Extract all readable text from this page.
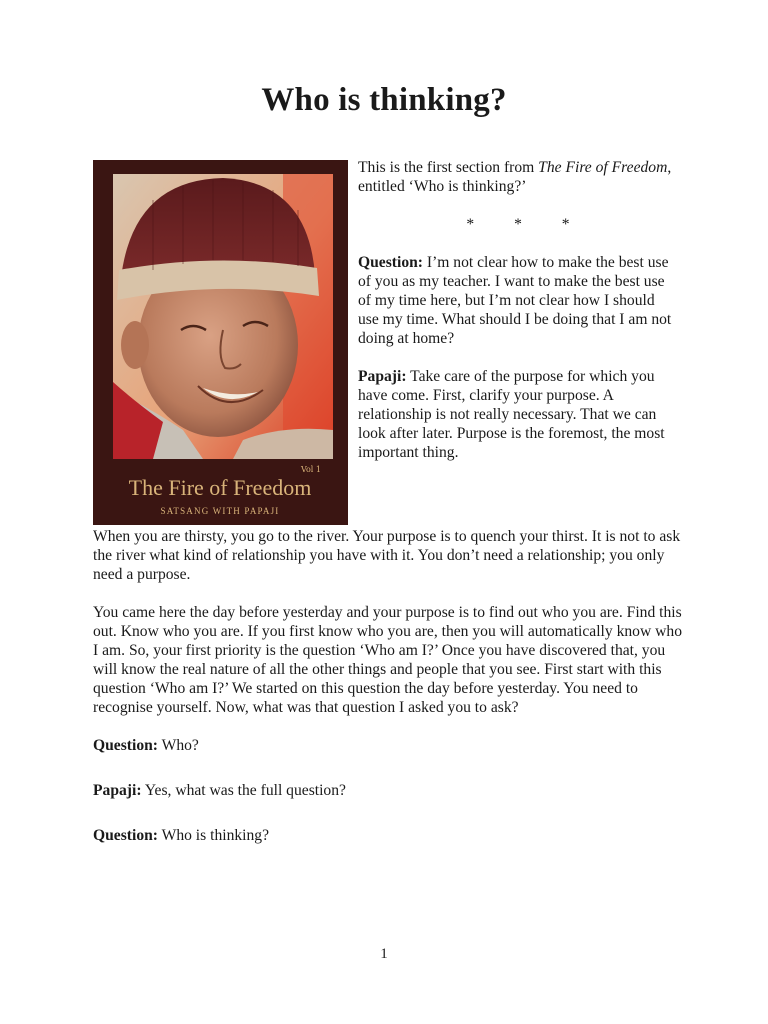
Who is thinking?
Vol 1
The Fire of Freedom
SATSANG WITH PAPAJI

This is the first section from The Fire of Freedom, entitled ‘Who is thinking?’

* * *

Question: I’m not clear how to make the best use of you as my teacher. I want to make the best use of my time here, but I’m not clear how I should use my time. What should I be doing that I am not doing at home?

Papaji: Take care of the purpose for which you have come. First, clarify your purpose. A relationship is not really necessary. That we can look after later. Purpose is the foremost, the most important thing.

When you are thirsty, you go to the river. Your purpose is to quench your thirst. It is not to ask the river what kind of relationship you have with it. You don’t need a relationship; you only need a purpose.

You came here the day before yesterday and your purpose is to find out who you are. Find this out. Know who you are. If you first know who you are, then you will automatically know who I am. So, your first priority is the question ‘Who am I?’ Once you have discovered that, you will know the real nature of all the other things and people that you see. First start with this question ‘Who am I?’ We started on this question the day before yesterday. You need to recognise yourself. Now, what was that question I asked you to ask?

Question: Who?

Papaji: Yes, what was the full question?

Question: Who is thinking?

1
